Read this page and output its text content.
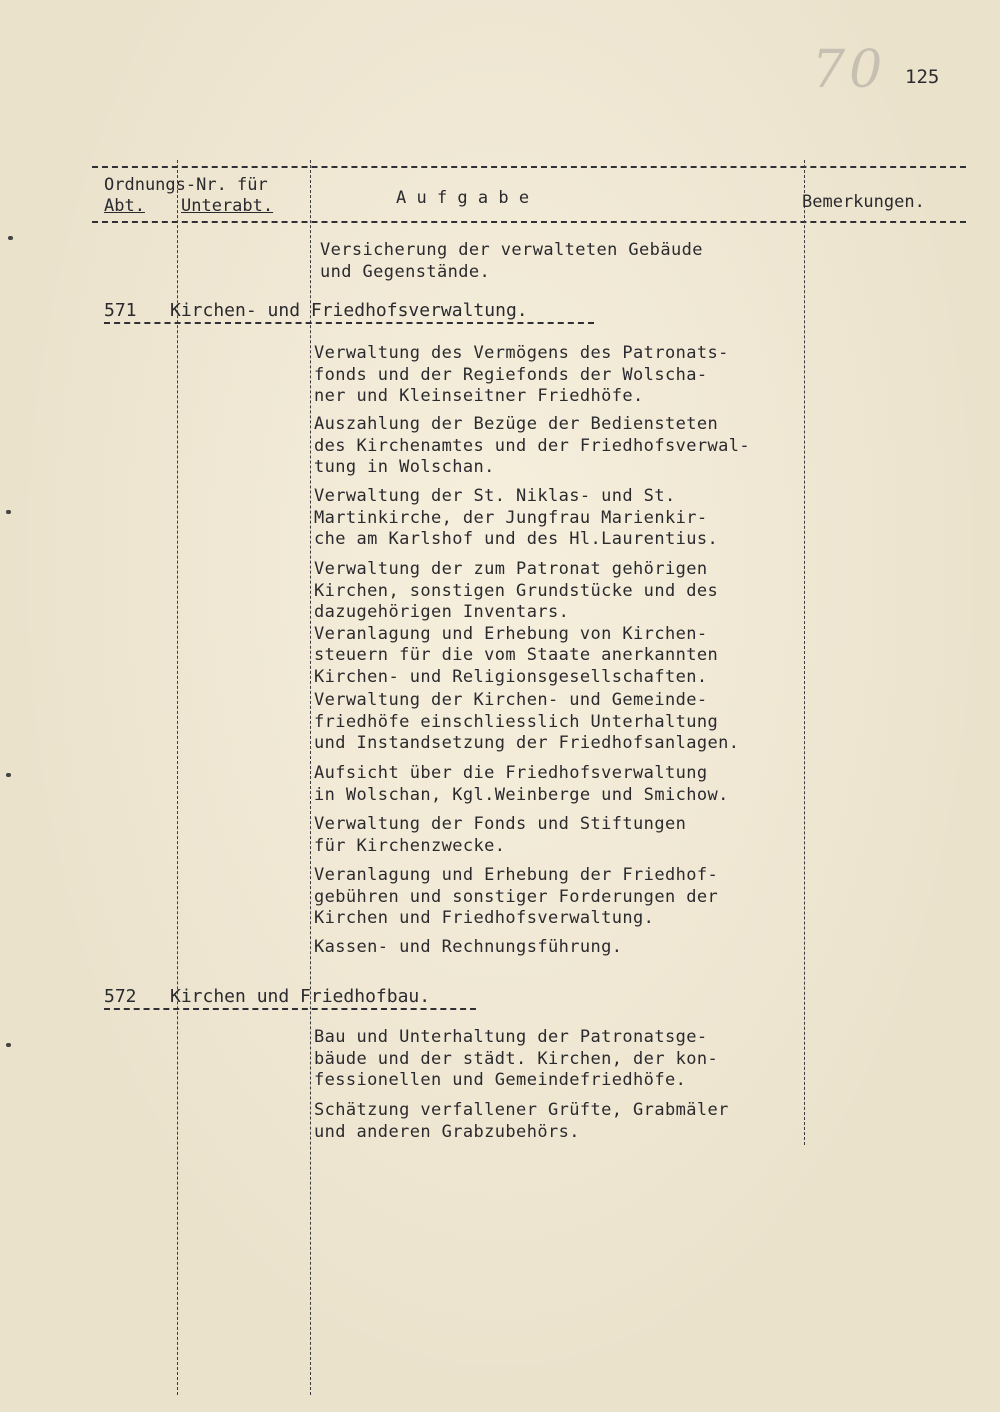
70 125
Ordnungs-Nr. für
Abt. Unterabt.	A u f g a b e	Bemerkungen.
Versicherung der verwalteten Gebäude
und Gegenstände.
571 Kirchen- und Friedhofsverwaltung.
Verwaltung des Vermögens des Patronats-
fonds und der Regiefonds der Wolscha-
ner und Kleinseitner Friedhöfe.
Auszahlung der Bezüge der Bediensteten
des Kirchenamtes und der Friedhofsverwal-
tung in Wolschan.
Verwaltung der St. Niklas- und St.
Martinkirche, der Jungfrau Marienkir-
che am Karlshof und des Hl.Laurentius.
Verwaltung der zum Patronat gehörigen
Kirchen, sonstigen Grundstücke und des
dazugehörigen Inventars.
Veranlagung und Erhebung von Kirchen-
steuern für die vom Staate anerkannten
Kirchen- und Religionsgesellschaften.
Verwaltung der Kirchen- und Gemeinde-
friedhöfe einschliesslich Unterhaltung
und Instandsetzung der Friedhofsanlagen.
Aufsicht über die Friedhofsverwaltung
in Wolschan, Kgl.Weinberge und Smichow.
Verwaltung der Fonds und Stiftungen
für Kirchenzwecke.
Veranlagung und Erhebung der Friedhof-
gebühren und sonstiger Forderungen der
Kirchen und Friedhofsverwaltung.
Kassen- und Rechnungsführung.
572 Kirchen und Friedhofbau.
Bau und Unterhaltung der Patronatsge-
bäude und der städt. Kirchen, der kon-
fessionellen und Gemeindefriedhöfe.
Schätzung verfallener Grüfte, Grabmäler
und anderen Grabzubehörs.
